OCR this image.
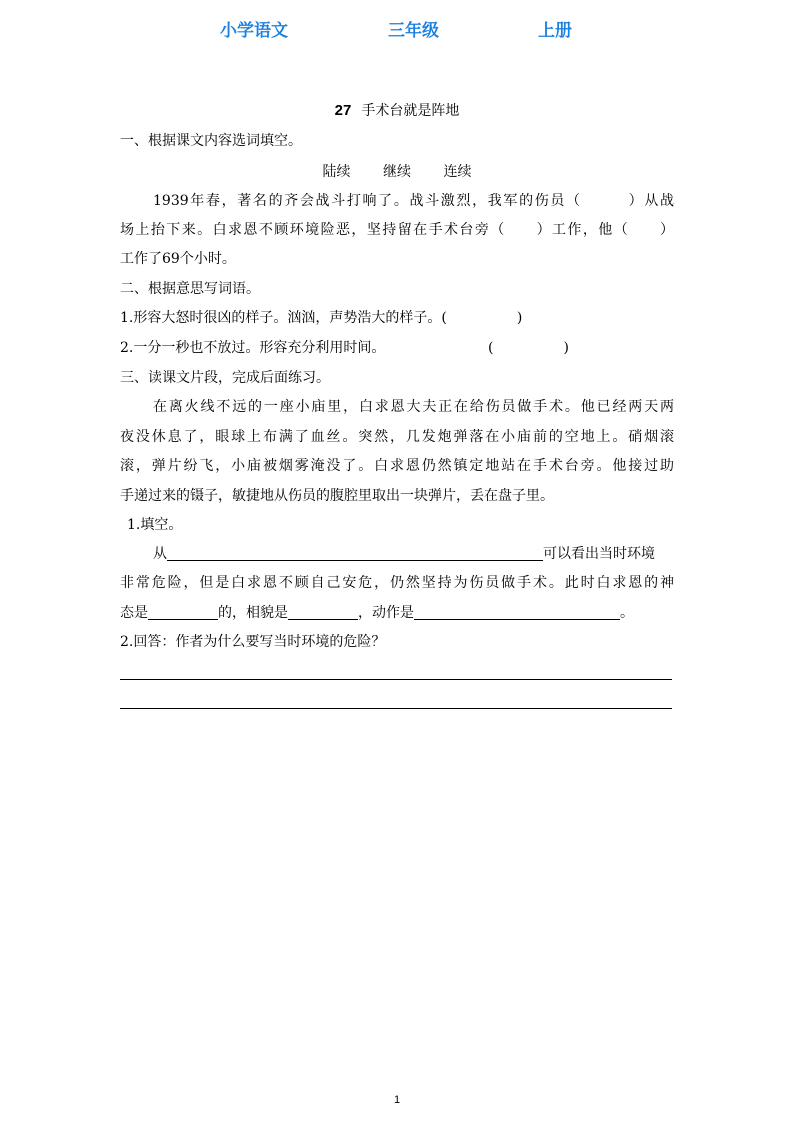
小学语文	三年级	上册
27 手术台就是阵地
一、根据课文内容选词填空。
陆续 继续 连续
1939年春，著名的齐会战斗打响了。战斗激烈，我军的伤员（　　　）从战
场上抬下来。白求恩不顾环境险恶，坚持留在手术台旁（　　）工作，他（　　）
工作了69个小时。
二、根据意思写词语。
1.形容大怒时很凶的样子。汹汹，声势浩大的样子。(　　　　　)
2.一分一秒也不放过。形容充分利用时间。	(　　　　　)
三、读课文片段，完成后面练习。
在离火线不远的一座小庙里，白求恩大夫正在给伤员做手术。他已经两天两
夜没休息了，眼球上布满了血丝。突然，几发炮弹落在小庙前的空地上。硝烟滚
滚，弹片纷飞，小庙被烟雾淹没了。白求恩仍然镇定地站在手术台旁。他接过助
手递过来的镊子，敏捷地从伤员的腹腔里取出一块弹片，丢在盘子里。
1.填空。
从	可以看出当时环境
非常危险，但是白求恩不顾自己安危，仍然坚持为伤员做手术。此时白求恩的神
态是	的，相貌是	，动作是	。
2.回答：作者为什么要写当时环境的危险？
1
